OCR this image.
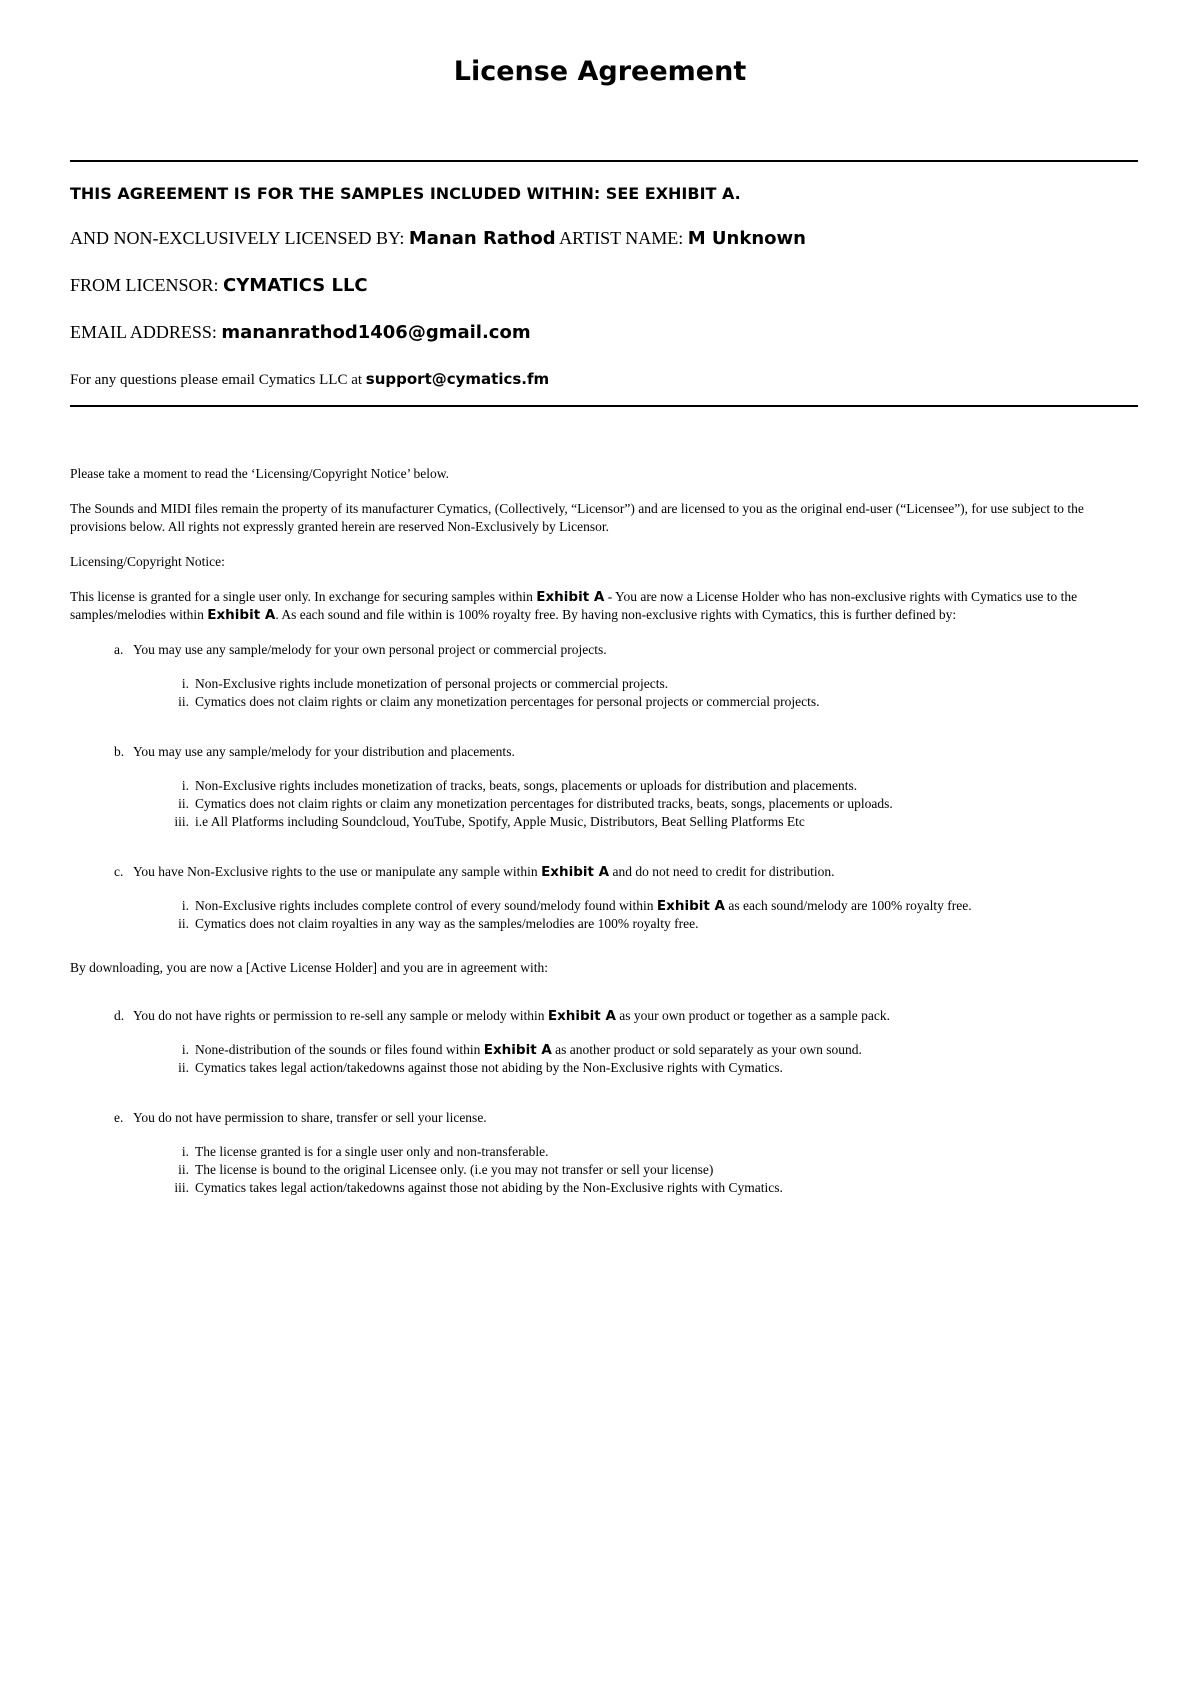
License Agreement

THIS AGREEMENT IS FOR THE SAMPLES INCLUDED WITHIN: SEE EXHIBIT A.

AND NON-EXCLUSIVELY LICENSED BY: Manan Rathod ARTIST NAME: M Unknown

FROM LICENSOR: CYMATICS LLC

EMAIL ADDRESS: mananrathod1406@gmail.com

For any questions please email Cymatics LLC at support@cymatics.fm

Please take a moment to read the ‘Licensing/Copyright Notice’ below.

The Sounds and MIDI files remain the property of its manufacturer Cymatics, (Collectively, “Licensor”) and are licensed to you as the original end-user (“Licensee”), for use subject to the provisions below. All rights not expressly granted herein are reserved Non-Exclusively by Licensor.

Licensing/Copyright Notice:

This license is granted for a single user only. In exchange for securing samples within Exhibit A - You are now a License Holder who has non-exclusive rights with Cymatics use to the samples/melodies within Exhibit A. As each sound and file within is 100% royalty free. By having non-exclusive rights with Cymatics, this is further defined by:

a. You may use any sample/melody for your own personal project or commercial projects.
i. Non-Exclusive rights include monetization of personal projects or commercial projects.
ii. Cymatics does not claim rights or claim any monetization percentages for personal projects or commercial projects.
b. You may use any sample/melody for your distribution and placements.
i. Non-Exclusive rights includes monetization of tracks, beats, songs, placements or uploads for distribution and placements.
ii. Cymatics does not claim rights or claim any monetization percentages for distributed tracks, beats, songs, placements or uploads.
iii. i.e All Platforms including Soundcloud, YouTube, Spotify, Apple Music, Distributors, Beat Selling Platforms Etc
c. You have Non-Exclusive rights to the use or manipulate any sample within Exhibit A and do not need to credit for distribution.
i. Non-Exclusive rights includes complete control of every sound/melody found within Exhibit A as each sound/melody are 100% royalty free.
ii. Cymatics does not claim royalties in any way as the samples/melodies are 100% royalty free.

By downloading, you are now a [Active License Holder] and you are in agreement with:

d. You do not have rights or permission to re-sell any sample or melody within Exhibit A as your own product or together as a sample pack.
i. None-distribution of the sounds or files found within Exhibit A as another product or sold separately as your own sound.
ii. Cymatics takes legal action/takedowns against those not abiding by the Non-Exclusive rights with Cymatics.
e. You do not have permission to share, transfer or sell your license.
i. The license granted is for a single user only and non-transferable.
ii. The license is bound to the original Licensee only. (i.e you may not transfer or sell your license)
iii. Cymatics takes legal action/takedowns against those not abiding by the Non-Exclusive rights with Cymatics.
